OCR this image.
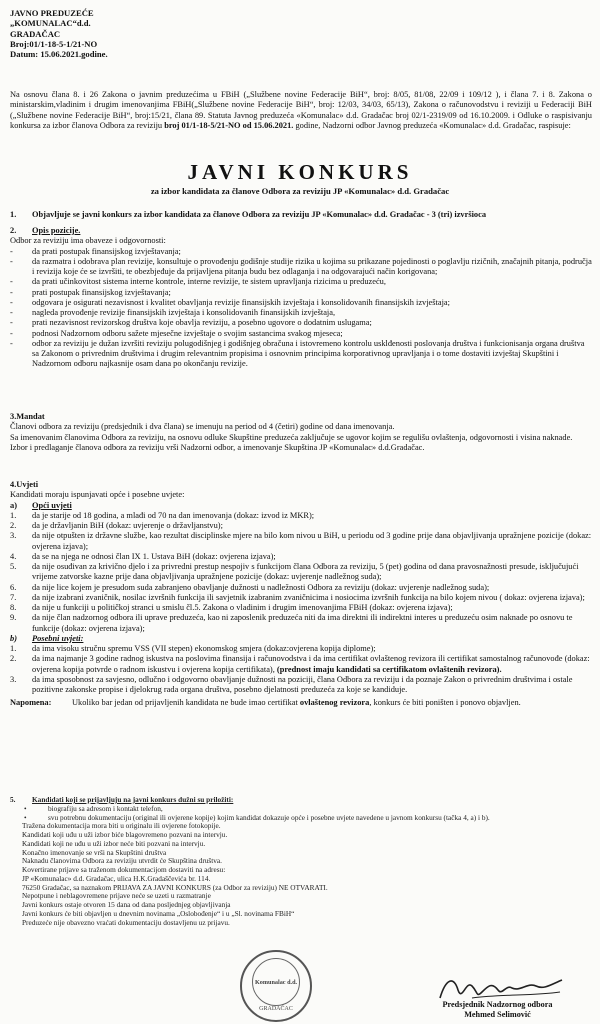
JAVNO PREDUZEĆE
„KOMUNALAC“d.d.
GRADAČAC
Broj:01/1-18-5-1/21-NO
Datum: 15.06.2021.godine.
Na osnovu člana 8. i 26 Zakona o javnim preduzećima u FBiH („Službene novine Federacije BiH“, broj: 8/05, 81/08, 22/09 i 109/12 ), i člana 7. i 8. Zakona o ministarskim,vladinim i drugim imenovanjima FBiH(„Službene novine Federacije BiH“, broj: 12/03, 34/03, 65/13), Zakona o računovodstvu i reviziji u Federaciji BiH („Službene novine Federacije BiH“, broj:15/21, člana 89. Statuta Javnog preduzeća «Komunalac» d.d. Gradačac broj 02/1-2319/09 od 16.10.2009. i Odluke o raspisivanju konkursa za izbor članova Odbora za reviziju broj 01/1-18-5/21-NO od 15.06.2021. godine, Nadzorni odbor Javnog preduzeća «Komunalac» d.d. Gradačac, raspisuje:
JAVNI KONKURS
za izbor kandidata za članove Odbora za reviziju JP «Komunalac» d.d. Gradačac
1.	Objavljuje se javni konkurs za izbor kandidata za članove Odbora za reviziju JP «Komunalac» d.d. Gradačac - 3 (tri) izvršioca
2.	Opis pozicije.
Odbor za reviziju ima obaveze i odgovornosti:
-	da prati postupak finansijskog izvještavanja;
-	da razmatra i odobrava plan revizije, konsultuje o provođenju godišnje studije rizika u kojima su prikazane pojedinosti o poglavlju rizičnih, značajnih pitanja, područja i revizija koje će se izvršiti, te obezbjeđuje da prijavljena pitanja budu bez odlaganja i na odgovarajući način korigovana;
-	da prati učinkovitost sistema interne kontrole, interne revizije, te sistem upravljanja rizicima u preduzeću,
-	prati postupak finansijskog izvještavanja;
-	odgovara je osigurati nezavisnost i kvalitet obavljanja revizije finansijskih izvještaja i konsolidovanih finansijskih izvještaja;
-	nagleda provođenje revizije finansijskih izvještaja i konsolidovanih finansijskih izvještaja,
-	prati nezavisnost revizorskog društva koje obavlja reviziju, a posebno ugovore o dodatnim uslugama;
-	podnosi Nadzornom odboru sažete mjesečne izvještaje o svojim sastancima svakog mjeseca;
-	odbor za reviziju je dužan izvršiti reviziju polugodišnjeg i godišnjeg obračuna i istovremeno kontrolu usklđenosti poslovanja društva i funkcionisanja organa društva sa Zakonom o privrednim društvima i drugim relevantnim propisima i osnovnim principima korporativnog upravljanja i o tome dostaviti izvještaj Skupštini i Nadzornom odboru najkasnije osam dana po okončanju revizije.
3.Mandat
Članovi odbora za reviziju (predsjednik i dva člana) se imenuju na period od 4 (četiri) godine od dana imenovanja.
Sa imenovanim članovima Odbora za reviziju, na osnovu odluke Skupštine preduzeća zaključuje se ugovor kojim se regulišu ovlaštenja, odgovornosti i visina naknade.
Izbor i predlaganje članova odbora za reviziju vrši Nadzorni odbor, a imenovanje Skupština JP «Komunalac» d.d.Gradačac.
4.Uvjeti
Kandidati moraju ispunjavati opće i posebne uvjete:
a)	Opći uvjeti
1.	da je starije od 18 godina, a mlađi od 70 na dan imenovanja (dokaz: izvod iz MKR);
2.	da je državljanin BiH (dokaz: uvjerenje o državljanstvu);
3.	da nije otpušten iz državne službe, kao rezultat disciplinske mjere na bilo kom nivou u BiH, u periodu od 3 godine prije dana objavljivanja upražnjene pozicije (dokaz: ovjerena izjava);
4.	da se na njega ne odnosi član IX 1. Ustava BiH (dokaz: ovjerena izjava);
5.	da nije osuđivan za krivično djelo i za privredni prestup nespojiv s funkcijom člana Odbora za reviziju, 5 (pet) godina od dana pravosnažnosti presude, isključujući vrijeme zatvorske kazne prije dana objavljivanja upražnjene pozicije (dokaz: uvjerenje nadležnog suda);
6.	da nije lice kojem je presudom suda zabranjeno obavljanje dužnosti u nadležnosti Odbora za reviziju (dokaz: uvjerenje nadležnog suda);
7.	da nije izabrani zvaničnik, nosilac izvršnih funkcija ili savjetnik izabranim zvaničnicima i nosiocima izvršnih funkcija na bilo kojem nivou ( dokaz: ovjerena izjava);
8.	da nije u funkciji u političkoj stranci u smislu čl.5. Zakona o vladinim i drugim imenovanjima FBiH (dokaz: ovjerena izjava);
9.	da nije član nadzornog odbora ili uprave preduzeća, kao ni zaposlenik preduzeća niti da ima direktni ili indirektni interes u preduzeću osim naknade po osnovu te funkcije (dokaz: ovjerena izjava);
b)	Posebni uvjeti:
1.	da ima visoku stručnu spremu VSS (VII stepen) ekonomskog smjera (dokaz:ovjerena kopija diplome);
2.	da ima najmanje 3 godine radnog iskustva na poslovima finansija i računovodstva i da ima certifikat ovlaštenog revizora ili certifikat samostalnog računovođe (dokaz: ovjerena kopija potvrde o radnom iskustvu i ovjerena kopija certifikata), (prednost imaju kandidati sa certifikatom ovlaštenih revizora).
3.	da ima sposobnost za savjesno, odlučno i odgovorno obavljanje dužnosti na poziciji, člana Odbora za reviziju i da poznaje Zakon o privrednim društvima i ostale pozitivne zakonske propise i djelokrug rada organa društva, posebno djelatnosti preduzeća za koje se kandiduje.
Napomena:	Ukoliko bar jedan od prijavljenih kandidata ne bude imao certifikat ovlaštenog revizora, konkurs će biti poništen i ponovo objavljen.
5.	Kandidati koji se prijavljuju na javni konkurs dužni su priložiti:
•	biografiju sa adresom i kontakt telefon,
•	svu potrebnu dokumentaciju (original ili ovjerene kopije) kojim kandidat dokazuje opće i posebne uvjete navedene u javnom konkursu (tačka 4, a) i b).
Tražena dokumentacija mora biti u originalu ili ovjerene fotokopije.
Kandidati koji uđu u uži izbor biće blagovremeno pozvani na intervju.
Kandidati koji ne uđu u uži izbor neće biti pozvani na intervju.
Konačno imenovanje se vrši na Skupštini društva
Naknadu članovima Odbora za reviziju utvrdit će Skupština društva.
Kovertirane prijave sa traženom dokumentacijom dostaviti na adresu:
JP «Komunalac» d.d. Gradačac, ulica H.K.Gradaščevića br. 114.
76250 Gradačac, sa naznakom PRIJAVA ZA JAVNI KONKURS (za Odbor za reviziju) NE OTVARATI.
Nepotpune i neblagovremene prijave neće se uzeti u razmatranje
Javni konkurs ostaje otvoren 15 dana od dana posljednjeg objavljivanja
Javni konkurs će biti objavljen u dnevnim novinama „Oslobođenje“ i u „Sl. novinama FBiH“
Preduzeće nije obavezno vraćati dokumentaciju dostavljenu uz prijavu.
Komunalac d.d.
GRADAČAC
Predsjednik Nadzornog odbora
Mehmed Selimović
